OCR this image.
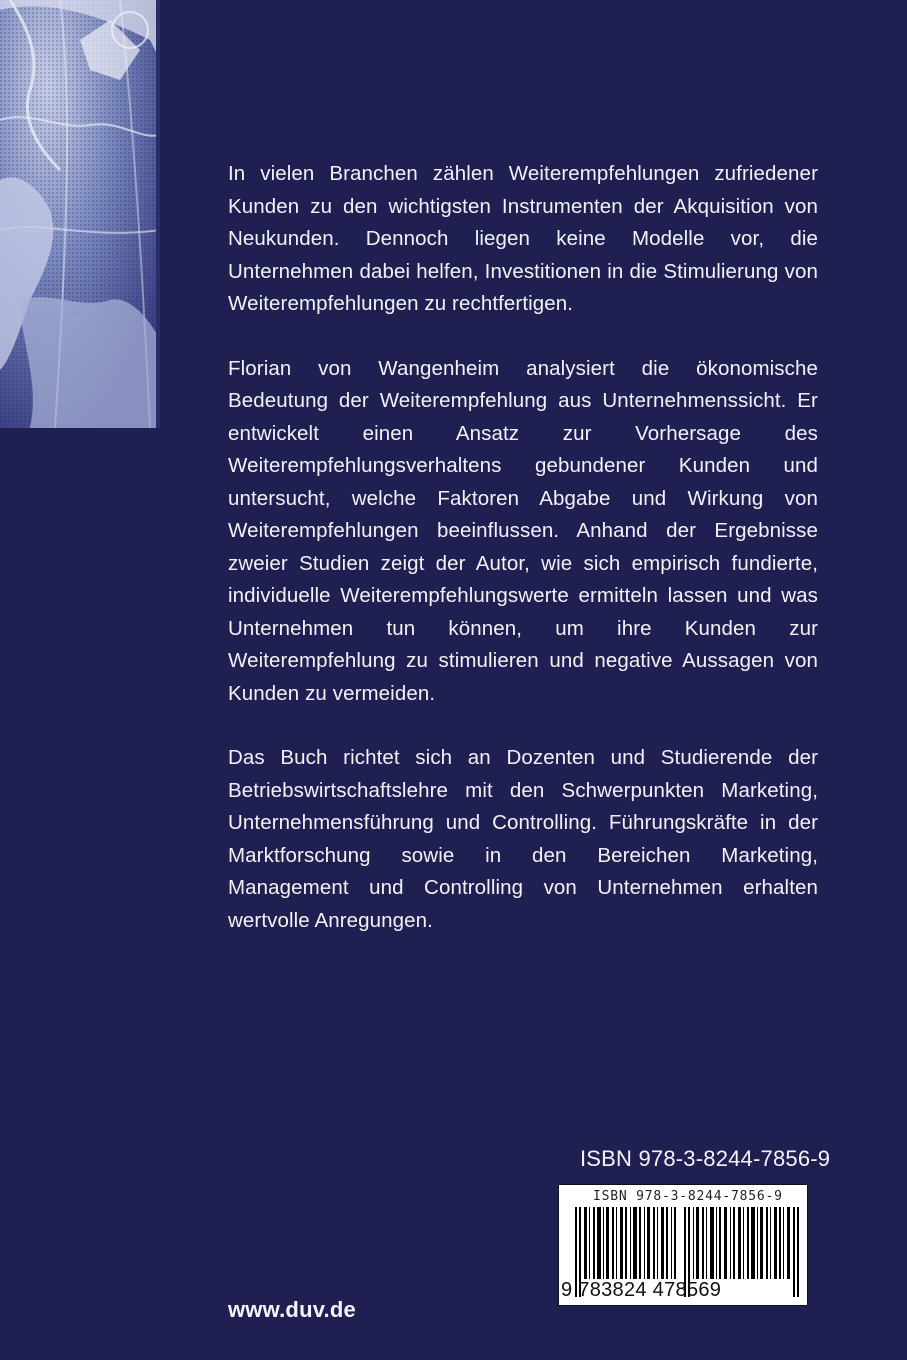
In vielen Branchen zählen Weiterempfehlungen zufriedener Kunden zu den wichtigsten Instrumenten der Akquisition von Neukunden. Dennoch liegen keine Modelle vor, die Unternehmen dabei helfen, Investitionen in die Stimulierung von Weiterempfehlungen zu rechtfertigen.

Florian von Wangenheim analysiert die ökonomische Bedeutung der Weiterempfehlung aus Unternehmenssicht. Er entwickelt einen Ansatz zur Vorhersage des Weiterempfehlungsverhaltens gebundener Kunden und untersucht, welche Faktoren Abgabe und Wirkung von Weiterempfehlungen beeinflussen. Anhand der Ergebnisse zweier Studien zeigt der Autor, wie sich empirisch fundierte, individuelle Weiterempfehlungswerte ermitteln lassen und was Unternehmen tun können, um ihre Kunden zur Weiterempfehlung zu stimulieren und negative Aussagen von Kunden zu vermeiden.

Das Buch richtet sich an Dozenten und Studierende der Betriebswirtschaftslehre mit den Schwerpunkten Marketing, Unternehmensführung und Controlling. Führungskräfte in der Marktforschung sowie in den Bereichen Marketing, Management und Controlling von Unternehmen erhalten wertvolle Anregungen.

ISBN 978-3-8244-7856-9
ISBN 978-3-8244-7856-9
9 783824 478569
www.duv.de
